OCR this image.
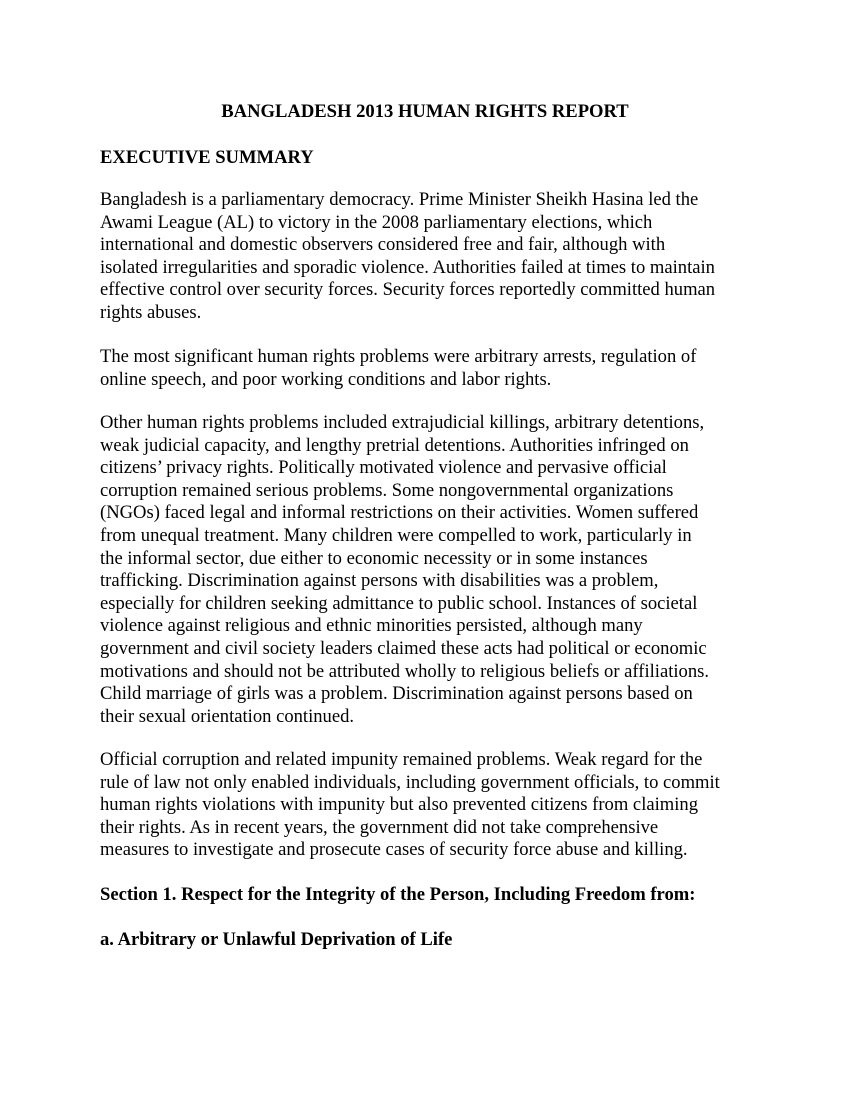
BANGLADESH 2013 HUMAN RIGHTS REPORT
EXECUTIVE SUMMARY
Bangladesh is a parliamentary democracy. Prime Minister Sheikh Hasina led the
Awami League (AL) to victory in the 2008 parliamentary elections, which
international and domestic observers considered free and fair, although with
isolated irregularities and sporadic violence. Authorities failed at times to maintain
effective control over security forces. Security forces reportedly committed human
rights abuses.
The most significant human rights problems were arbitrary arrests, regulation of
online speech, and poor working conditions and labor rights.
Other human rights problems included extrajudicial killings, arbitrary detentions,
weak judicial capacity, and lengthy pretrial detentions. Authorities infringed on
citizens’ privacy rights. Politically motivated violence and pervasive official
corruption remained serious problems. Some nongovernmental organizations
(NGOs) faced legal and informal restrictions on their activities. Women suffered
from unequal treatment. Many children were compelled to work, particularly in
the informal sector, due either to economic necessity or in some instances
trafficking. Discrimination against persons with disabilities was a problem,
especially for children seeking admittance to public school. Instances of societal
violence against religious and ethnic minorities persisted, although many
government and civil society leaders claimed these acts had political or economic
motivations and should not be attributed wholly to religious beliefs or affiliations.
Child marriage of girls was a problem. Discrimination against persons based on
their sexual orientation continued.
Official corruption and related impunity remained problems. Weak regard for the
rule of law not only enabled individuals, including government officials, to commit
human rights violations with impunity but also prevented citizens from claiming
their rights. As in recent years, the government did not take comprehensive
measures to investigate and prosecute cases of security force abuse and killing.
Section 1. Respect for the Integrity of the Person, Including Freedom from:
a. Arbitrary or Unlawful Deprivation of Life
